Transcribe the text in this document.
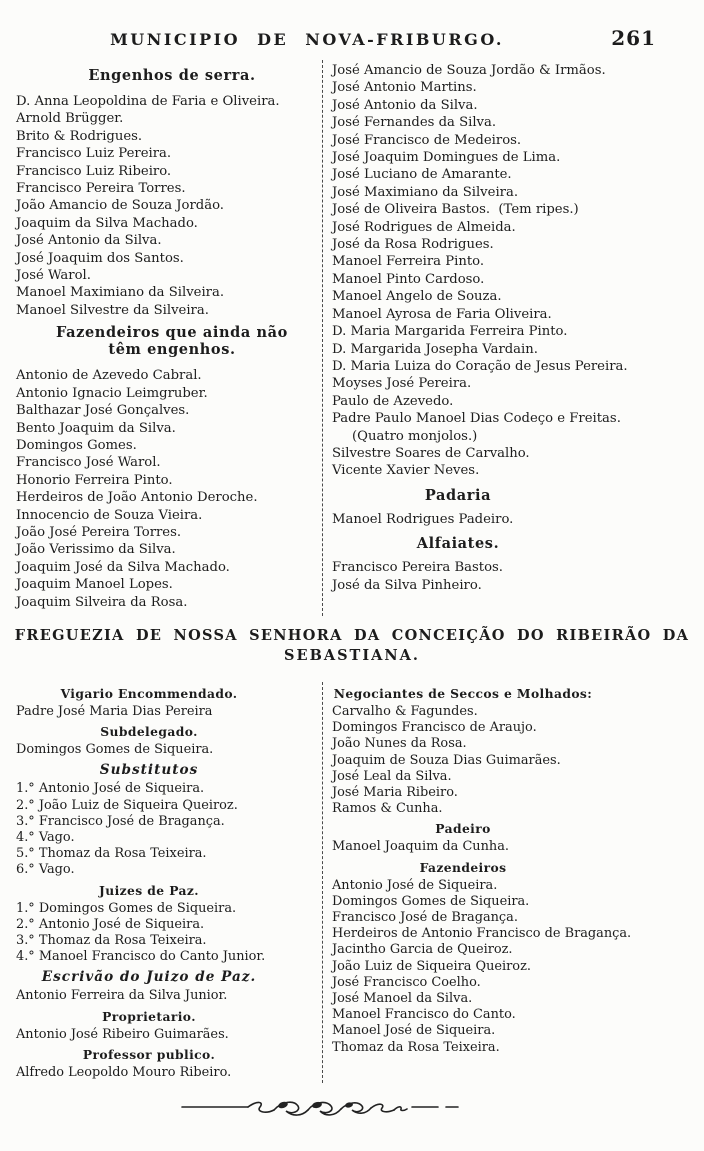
MUNICIPIO DE NOVA-FRIBURGO.	261
Engenhos de serra.
D. Anna Leopoldina de Faria e Oliveira.
Arnold Brügger.
Brito & Rodrigues.
Francisco Luiz Pereira.
Francisco Luiz Ribeiro.
Francisco Pereira Torres.
João Amancio de Souza Jordão.
Joaquim da Silva Machado.
José Antonio da Silva.
José Joaquim dos Santos.
José Warol.
Manoel Maximiano da Silveira.
Manoel Silvestre da Silveira.
Fazendeiros que ainda não têm engenhos.
Antonio de Azevedo Cabral.
Antonio Ignacio Leimgruber.
Balthazar José Gonçalves.
Bento Joaquim da Silva.
Domingos Gomes.
Francisco José Warol.
Honorio Ferreira Pinto.
Herdeiros de João Antonio Deroche.
Innocencio de Souza Vieira.
João José Pereira Torres.
João Verissimo da Silva.
Joaquim José da Silva Machado.
Joaquim Manoel Lopes.
Joaquim Silveira da Rosa.
José Amancio de Souza Jordão & Irmãos.
José Antonio Martins.
José Antonio da Silva.
José Fernandes da Silva.
José Francisco de Medeiros.
José Joaquim Domingues de Lima.
José Luciano de Amarante.
José Maximiano da Silveira.
José de Oliveira Bastos.  (Tem ripes.)
José Rodrigues de Almeida.
José da Rosa Rodrigues.
Manoel Ferreira Pinto.
Manoel Pinto Cardoso.
Manoel Angelo de Souza.
Manoel Ayrosa de Faria Oliveira.
D. Maria Margarida Ferreira Pinto.
D. Margarida Josepha Vardain.
D. Maria Luiza do Coração de Jesus Pereira.
Moyses José Pereira.
Paulo de Azevedo.
Padre Paulo Manoel Dias Codeço e Freitas.
(Quatro monjolos.)
Silvestre Soares de Carvalho.
Vicente Xavier Neves.
Padaria
Manoel Rodrigues Padeiro.
Alfaiates.
Francisco Pereira Bastos.
José da Silva Pinheiro.
FREGUEZIA DE NOSSA SENHORA DA CONCEIÇÃO DO RIBEIRÃO DA
SEBASTIANA.
Vigario Encommendado.
Padre José Maria Dias Pereira
Subdelegado.
Domingos Gomes de Siqueira.
Substitutos
1.° Antonio José de Siqueira.
2.° João Luiz de Siqueira Queiroz.
3.° Francisco José de Bragança.
4.° Vago.
5.° Thomaz da Rosa Teixeira.
6.° Vago.
Juizes de Paz.
1.° Domingos Gomes de Siqueira.
2.° Antonio José de Siqueira.
3.° Thomaz da Rosa Teixeira.
4.° Manoel Francisco do Canto Junior.
Escrivão do Juizo de Paz.
Antonio Ferreira da Silva Junior.
Proprietario.
Antonio José Ribeiro Guimarães.
Professor publico.
Alfredo Leopoldo Mouro Ribeiro.
Negociantes de Seccos e Molhados:
Carvalho & Fagundes.
Domingos Francisco de Araujo.
João Nunes da Rosa.
Joaquim de Souza Dias Guimarães.
José Leal da Silva.
José Maria Ribeiro.
Ramos & Cunha.
Padeiro
Manoel Joaquim da Cunha.
Fazendeiros
Antonio José de Siqueira.
Domingos Gomes de Siqueira.
Francisco José de Bragança.
Herdeiros de Antonio Francisco de Bragança.
Jacintho Garcia de Queiroz.
João Luiz de Siqueira Queiroz.
José Francisco Coelho.
José Manoel da Silva.
Manoel Francisco do Canto.
Manoel José de Siqueira.
Thomaz da Rosa Teixeira.
